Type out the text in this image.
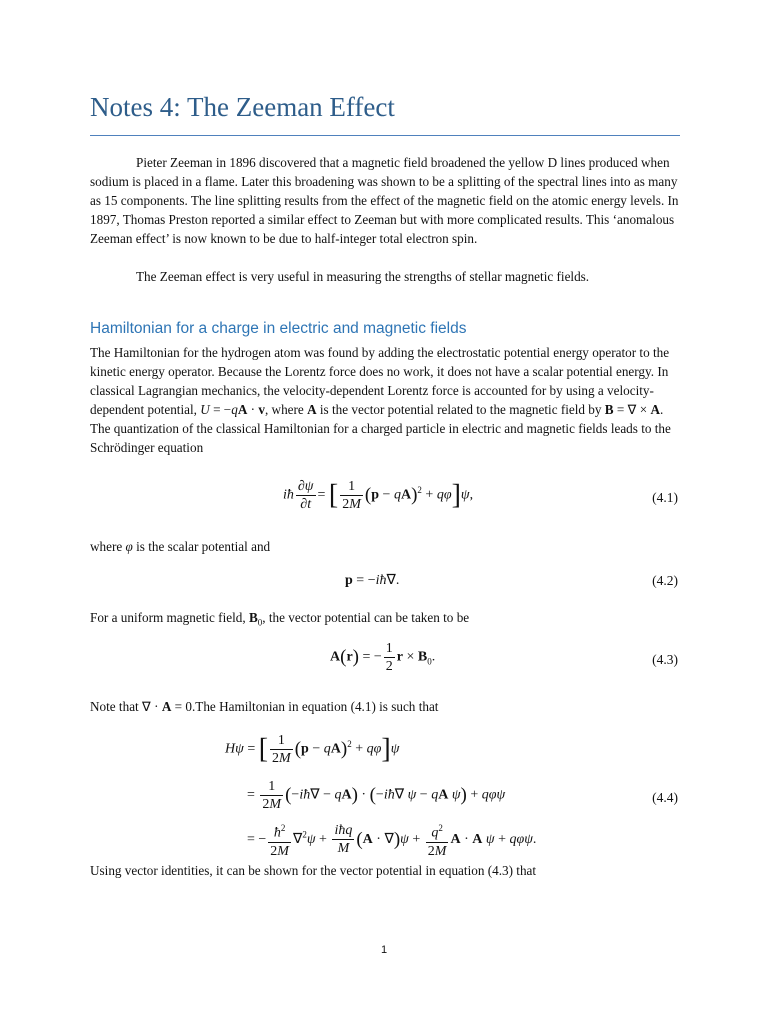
Notes 4: The Zeeman Effect

Pieter Zeeman in 1896 discovered that a magnetic field broadened the yellow D lines produced when sodium is placed in a flame. Later this broadening was shown to be a splitting of the spectral lines into as many as 15 components. The line splitting results from the effect of the magnetic field on the atomic energy levels. In 1897, Thomas Preston reported a similar effect to Zeeman but with more complicated results. This ‘anomalous Zeeman effect’ is now known to be due to half-integer total electron spin.

The Zeeman effect is very useful in measuring the strengths of stellar magnetic fields.

Hamiltonian for a charge in electric and magnetic fields

The Hamiltonian for the hydrogen atom was found by adding the electrostatic potential energy operator to the kinetic energy operator. Because the Lorentz force does no work, it does not have a scalar potential energy. In classical Lagrangian mechanics, the velocity-dependent Lorentz force is accounted for by using a velocity-dependent potential, U = −qA · v, where A is the vector potential related to the magnetic field by B = ∇ × A. The quantization of the classical Hamiltonian for a charged particle in electric and magnetic fields leads to the Schrödinger equation

iħ $\frac{\partial\psi}{\partial t}$ = [ $\frac{1}{2M} (p - qA)^2 + q\varphi]\psi$,	(4.1)

where φ is the scalar potential and

p = −iħ∇.	(4.2)

For a uniform magnetic field, $B_0$, the vector potential can be taken to be

A(r) = − $\frac{1}{2}$ $r \times B_0$.	(4.3)

Note that ∇ · A = 0.The Hamiltonian in equation (4.1) is such that

Hψ = [ $\frac{1}{2M} (p - qA)^2 + q\varphi]\psi$
= $\frac{1}{2M}$ (−iħ∇ − qA) · (−iħ∇ ψ − qA ψ) + qφψ	(4.4)
= − $\frac{ħ^2}{2M} \nabla^2\psi + \frac{\text{iħq}}{M} (A \cdot \nabla)\psi + \frac{q^2}{2M}$ A · A ψ + qφψ.

Using vector identities, it can be shown for the vector potential in equation (4.3) that

1
